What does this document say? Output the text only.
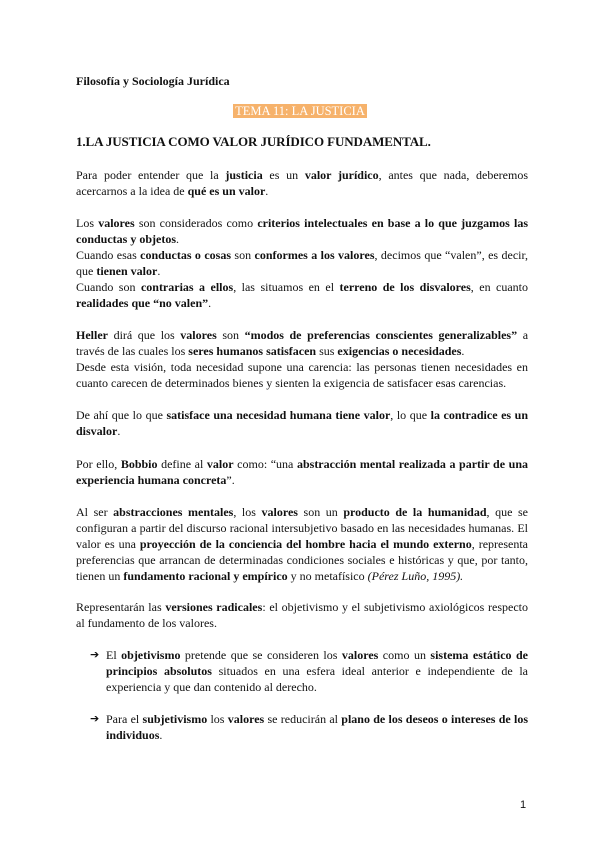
Filosofía y Sociología Jurídica
TEMA 11: LA JUSTICIA
1.LA JUSTICIA COMO VALOR JURÍDICO FUNDAMENTAL.

Para poder entender que la justicia es un valor jurídico, antes que nada, deberemos acercarnos a la idea de qué es un valor.

Los valores son considerados como criterios intelectuales en base a lo que juzgamos las conductas y objetos.

Cuando esas conductas o cosas son conformes a los valores, decimos que “valen”, es decir, que tienen valor.

Cuando son contrarias a ellos, las situamos en el terreno de los disvalores, en cuanto realidades que “no valen”.

Heller dirá que los valores son “modos de preferencias conscientes generalizables” a través de las cuales los seres humanos satisfacen sus exigencias o necesidades.

Desde esta visión, toda necesidad supone una carencia: las personas tienen necesidades en cuanto carecen de determinados bienes y sienten la exigencia de satisfacer esas carencias.

De ahí que lo que satisface una necesidad humana tiene valor, lo que la contradice es un disvalor.

Por ello, Bobbio define al valor como: “una abstracción mental realizada a partir de una experiencia humana concreta”.

Al ser abstracciones mentales, los valores son un producto de la humanidad, que se configuran a partir del discurso racional intersubjetivo basado en las necesidades humanas. El valor es una proyección de la conciencia del hombre hacia el mundo externo, representa preferencias que arrancan de determinadas condiciones sociales e históricas y que, por tanto, tienen un fundamento racional y empírico y no metafísico (Pérez Luño, 1995).

Representarán las versiones radicales: el objetivismo y el subjetivismo axiológicos respecto al fundamento de los valores.

➔ El objetivismo pretende que se consideren los valores como un sistema estático de principios absolutos situados en una esfera ideal anterior e independiente de la experiencia y que dan contenido al derecho.
➔ Para el subjetivismo los valores se reducirán al plano de los deseos o intereses de los individuos.
1
